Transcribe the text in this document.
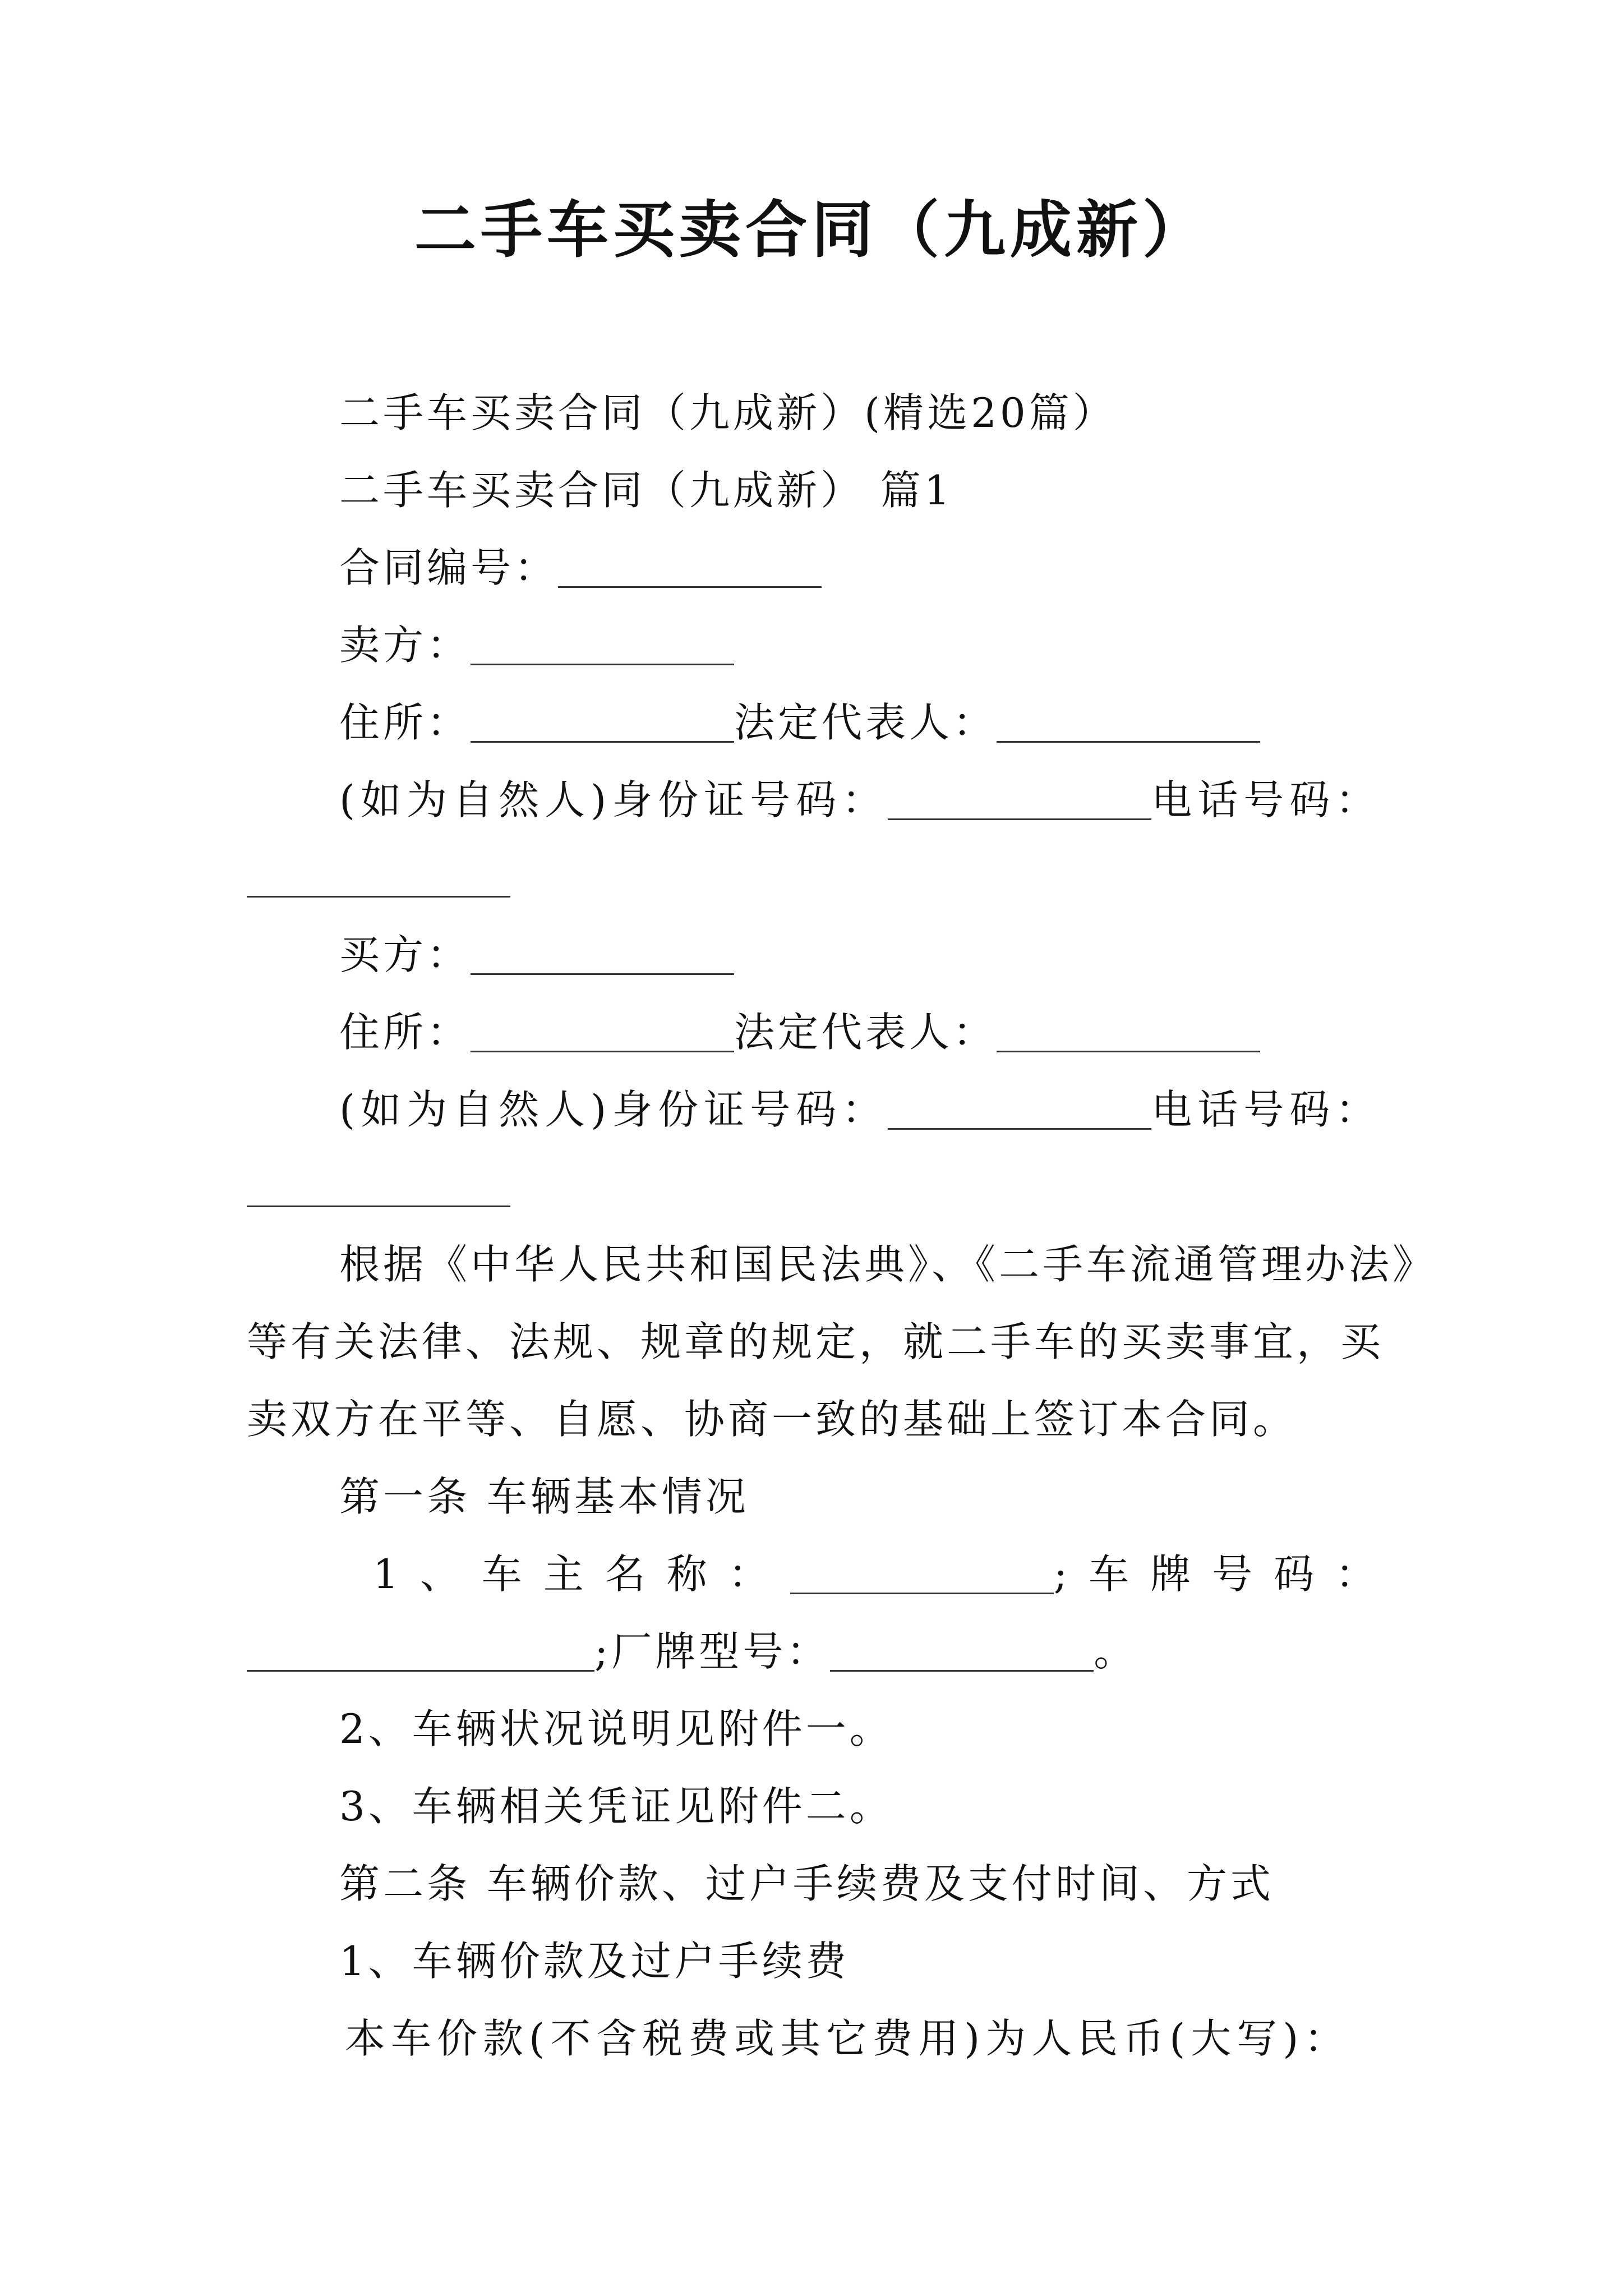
二手车买卖合同（九成新）
二手车买卖合同（九成新）(精选20篇）
二手车买卖合同（九成新） 篇1
合同编号：
卖方：
住所：	法定代表人：
(如为自然人)身份证号码：	电话号码：
买方：
住所：	法定代表人：
(如为自然人)身份证号码：	电话号码：
根据《中华人民共和国民法典》、《二手车流通管理办法》
等有关法律、法规、规章的规定，就二手车的买卖事宜，买
卖双方在平等、自愿、协商一致的基础上签订本合同。
第一条 车辆基本情况
1、车主名称：	;车牌号码：
;厂牌型号：	。
2、车辆状况说明见附件一。
3、车辆相关凭证见附件二。
第二条 车辆价款、过户手续费及支付时间、方式
1、车辆价款及过户手续费
本车价款(不含税费或其它费用)为人民币(大写)：
